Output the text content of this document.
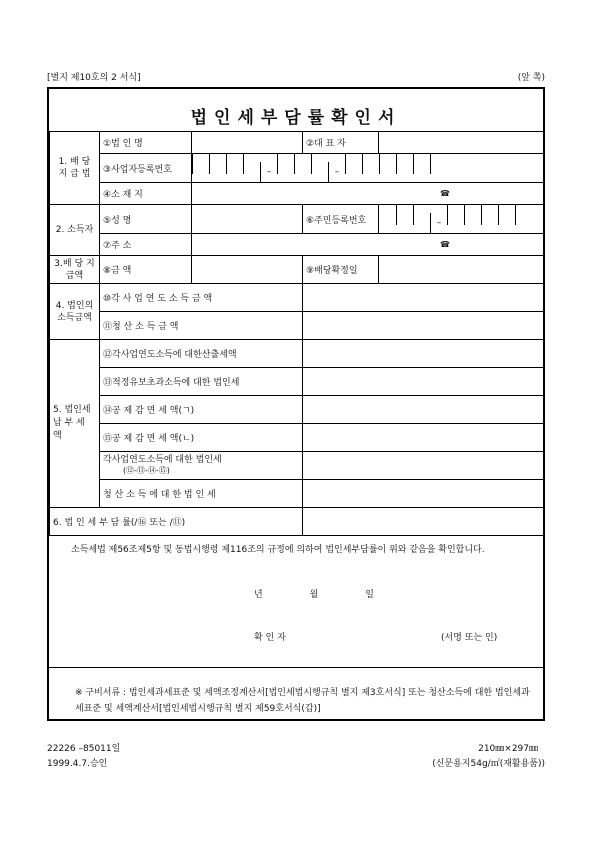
[별지 제10호의 2 서식]	(앞 쪽)
법인세부담률확인서
1. 배 당 지 급 법	①법 인 명		②대 표 자	
	③사업자등록번호	– –		
	④소 재 지	☎		

2. 소득자	⑤성 명		⑥주민등록번호	–
	⑦주 소	☎		

3.배 당 지급액	⑧금 액		⑨배당확정일	
4. 법인의 소득금액	⑩각 사 업 연 도 소 득 금 액			
	⑪청 산 소 득 금 액			
5. 법인세 납 부 세 액	⑫각사업연도소득에 대한산출세액			
	⑬적정유보초과소득에 대한 법인세			
	⑭공 제 감 면 세 액(ㄱ)			
	⑮공 제 감 면 세 액(ㄴ)			
	각사업연도소득에 대한 법인세
(⑫-⑬-⑭-⑮)			

	청 산 소 득 에 대 한 법 인 세			
6. 법 인 세 부 담 률(/⑯ 또는 /⑪)				
소득세법 제56조제5항 및 동법시행령 제116조의 규정에 의하여 법인세부담률이 위와 같음을 확인합니다.
년	월	일
확 인 자	(서명 또는 인)
※ 구비서류 : 법인세과세표준 및 세액조정계산서[법인세법시행규칙 별지 제3호서식] 또는 청산소득에 대한 법인세과세표준 및 세액계산서[법인세법시행규칙 별지 제59호서식(갑)]
22226 –85011일
1999.4.7.승인
210㎜×297㎜
(신문용지54g/㎡(재활용품))
